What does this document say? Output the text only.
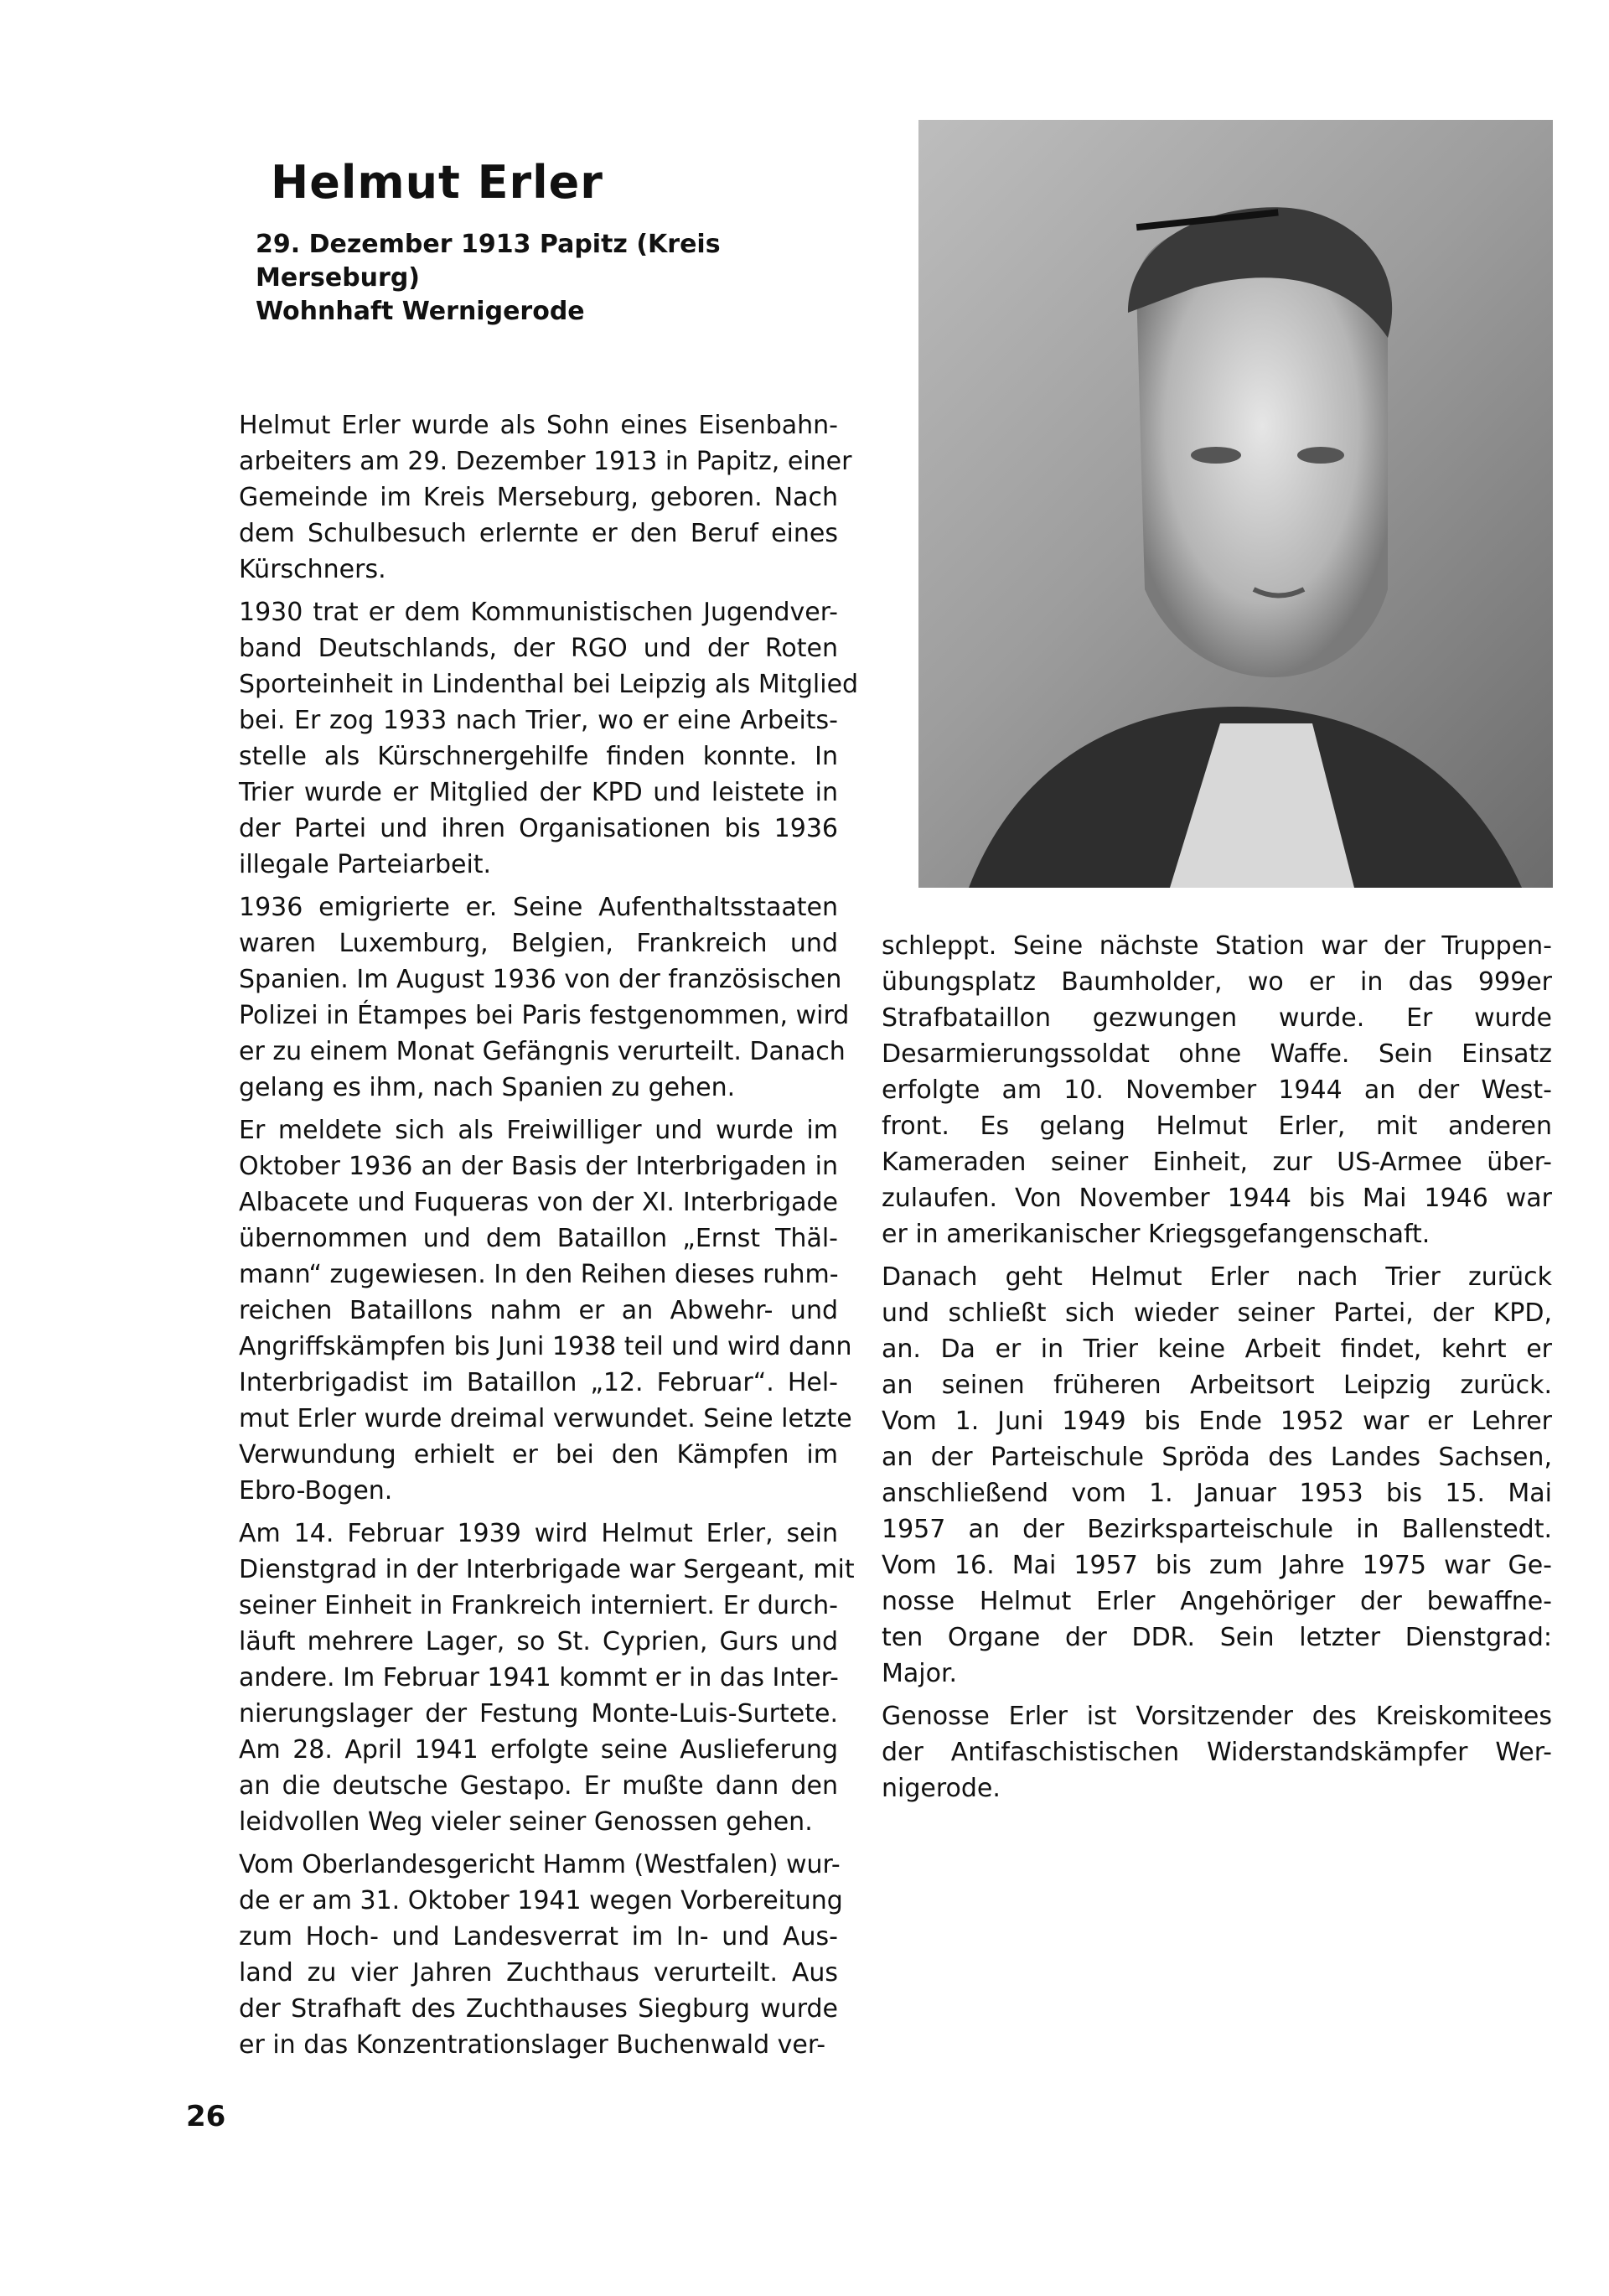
Helmut Erler
29. Dezember 1913 Papitz (Kreis
Merseburg)
Wohnhaft Wernigerode
Helmut Erler wurde als Sohn eines Eisenbahn-
arbeiters am 29. Dezember 1913 in Papitz, einer
Gemeinde im Kreis Merseburg, geboren. Nach
dem Schulbesuch erlernte er den Beruf eines
Kürschners.
1930 trat er dem Kommunistischen Jugendver-
band Deutschlands, der RGO und der Roten
Sporteinheit in Lindenthal bei Leipzig als Mitglied
bei. Er zog 1933 nach Trier, wo er eine Arbeits-
stelle als Kürschnergehilfe finden konnte. In
Trier wurde er Mitglied der KPD und leistete in
der Partei und ihren Organisationen bis 1936
illegale Parteiarbeit.
1936 emigrierte er. Seine Aufenthaltsstaaten
waren Luxemburg, Belgien, Frankreich und
Spanien. Im August 1936 von der französischen
Polizei in Étampes bei Paris festgenommen, wird
er zu einem Monat Gefängnis verurteilt. Danach
gelang es ihm, nach Spanien zu gehen.
Er meldete sich als Freiwilliger und wurde im
Oktober 1936 an der Basis der Interbrigaden in
Albacete und Fuqueras von der XI. Interbrigade
übernommen und dem Bataillon „Ernst Thäl-
mann“ zugewiesen. In den Reihen dieses ruhm-
reichen Bataillons nahm er an Abwehr- und
Angriffskämpfen bis Juni 1938 teil und wird dann
Interbrigadist im Bataillon „12. Februar“. Hel-
mut Erler wurde dreimal verwundet. Seine letzte
Verwundung erhielt er bei den Kämpfen im
Ebro-Bogen.
Am 14. Februar 1939 wird Helmut Erler, sein
Dienstgrad in der Interbrigade war Sergeant, mit
seiner Einheit in Frankreich interniert. Er durch-
läuft mehrere Lager, so St. Cyprien, Gurs und
andere. Im Februar 1941 kommt er in das Inter-
nierungslager der Festung Monte-Luis-Surtete.
Am 28. April 1941 erfolgte seine Auslieferung
an die deutsche Gestapo. Er mußte dann den
leidvollen Weg vieler seiner Genossen gehen.
Vom Oberlandesgericht Hamm (Westfalen) wur-
de er am 31. Oktober 1941 wegen Vorbereitung
zum Hoch- und Landesverrat im In- und Aus-
land zu vier Jahren Zuchthaus verurteilt. Aus
der Strafhaft des Zuchthauses Siegburg wurde
er in das Konzentrationslager Buchenwald ver-
schleppt. Seine nächste Station war der Truppen-
übungsplatz Baumholder, wo er in das 999er
Strafbataillon gezwungen wurde. Er wurde
Desarmierungssoldat ohne Waffe. Sein Einsatz
erfolgte am 10. November 1944 an der West-
front. Es gelang Helmut Erler, mit anderen
Kameraden seiner Einheit, zur US-Armee über-
zulaufen. Von November 1944 bis Mai 1946 war
er in amerikanischer Kriegsgefangenschaft.
Danach geht Helmut Erler nach Trier zurück
und schließt sich wieder seiner Partei, der KPD,
an. Da er in Trier keine Arbeit findet, kehrt er
an seinen früheren Arbeitsort Leipzig zurück.
Vom 1. Juni 1949 bis Ende 1952 war er Lehrer
an der Parteischule Spröda des Landes Sachsen,
anschließend vom 1. Januar 1953 bis 15. Mai
1957 an der Bezirksparteischule in Ballenstedt.
Vom 16. Mai 1957 bis zum Jahre 1975 war Ge-
nosse Helmut Erler Angehöriger der bewaffne-
ten Organe der DDR. Sein letzter Dienstgrad:
Major.
Genosse Erler ist Vorsitzender des Kreiskomitees
der Antifaschistischen Widerstandskämpfer Wer-
nigerode.
26
